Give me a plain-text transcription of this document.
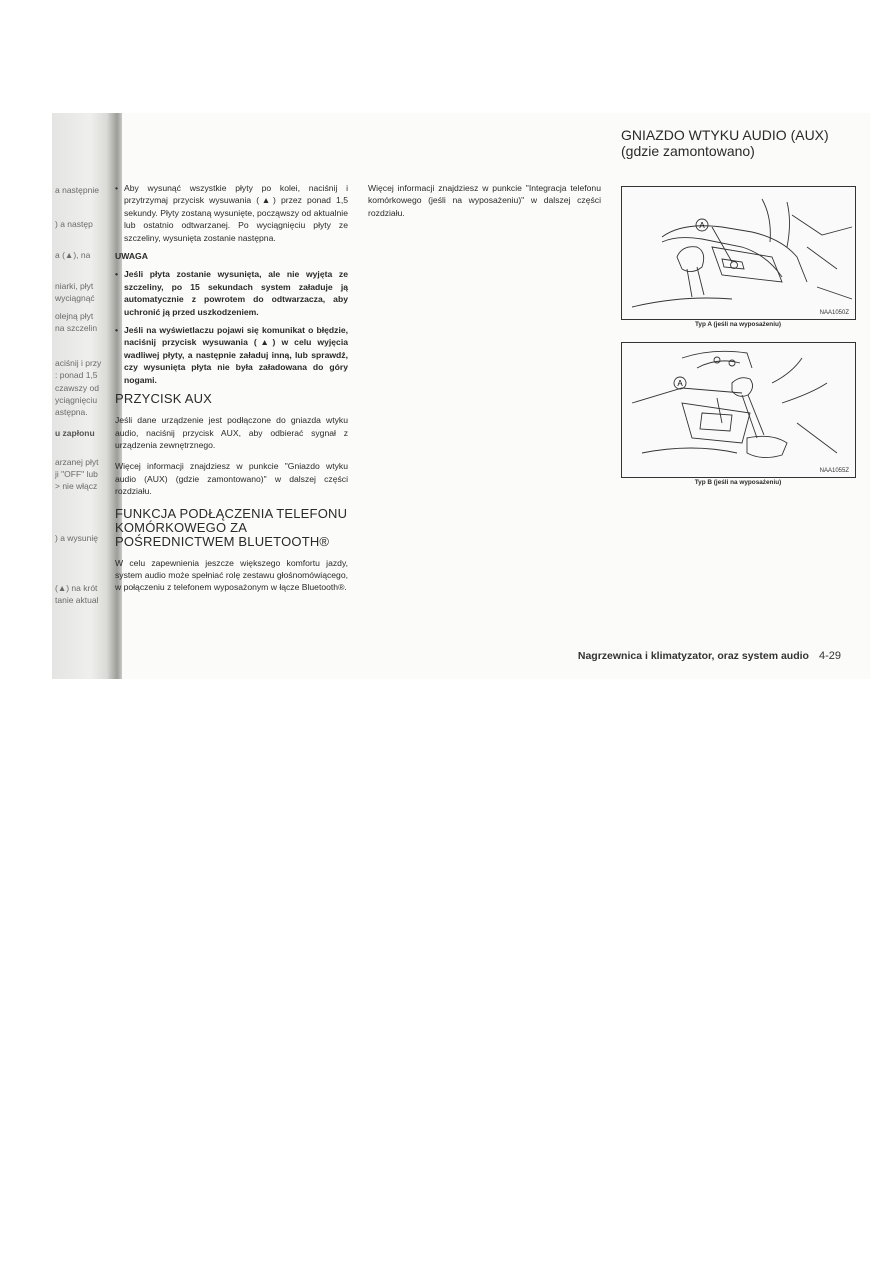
a następnie
) a następ
a (▲), na
niarki, płyt
wyciągnąć
olejną płyt
na szczelin
aciśnij i przy
: ponad 1,5
czawszy od
yciągnięciu
astępna.
u zapłonu
arzanej płyt
ji "OFF" lub
> nie włącz
) a wysunię
(▲) na krót
tanie aktual
• Aby wysunąć wszystkie płyty po kolei, naciśnij i przytrzymaj przycisk wysuwania (▲) przez ponad 1,5 sekundy. Płyty zostaną wysunięte, począwszy od aktualnie lub ostatnio odtwarzanej. Po wyciągnięciu płyty ze szczeliny, wysunięta zostanie następna.
UWAGA
• Jeśli płyta zostanie wysunięta, ale nie wyjęta ze szczeliny, po 15 sekundach system załaduje ją automatycznie z powrotem do odtwarzacza, aby uchronić ją przed uszkodzeniem.
• Jeśli na wyświetlaczu pojawi się komunikat o błędzie, naciśnij przycisk wysuwania (▲) w celu wyjęcia wadliwej płyty, a następnie załaduj inną, lub sprawdź, czy wysunięta płyta nie była załadowana do góry nogami.
PRZYCISK AUX

Jeśli dane urządzenie jest podłączone do gniazda wtyku audio, naciśnij przycisk AUX, aby odbierać sygnał z urządzenia zewnętrznego.

Więcej informacji znajdziesz w punkcie "Gniazdo wtyku audio (AUX) (gdzie zamontowano)" w dalszej części rozdziału.

FUNKCJA PODŁĄCZENIA TELEFONU KOMÓRKOWEGO ZA POŚREDNICTWEM BLUETOOTH®

W celu zapewnienia jeszcze większego komfortu jazdy, system audio może spełniać rolę zestawu głośnomówiącego, w połączeniu z telefonem wyposażonym w łącze Bluetooth®.

Więcej informacji znajdziesz w punkcie "Integracja telefonu komórkowego (jeśli na wyposażeniu)" w dalszej części rozdziału.

GNIAZDO WTYKU AUDIO (AUX)
(gdzie zamontowano)
A
NAA1050Z
Typ A (jeśli na wyposażeniu)
A
NAA1055Z
Typ B (jeśli na wyposażeniu)
Nagrzewnica i klimatyzator, oraz system audio 4-29
